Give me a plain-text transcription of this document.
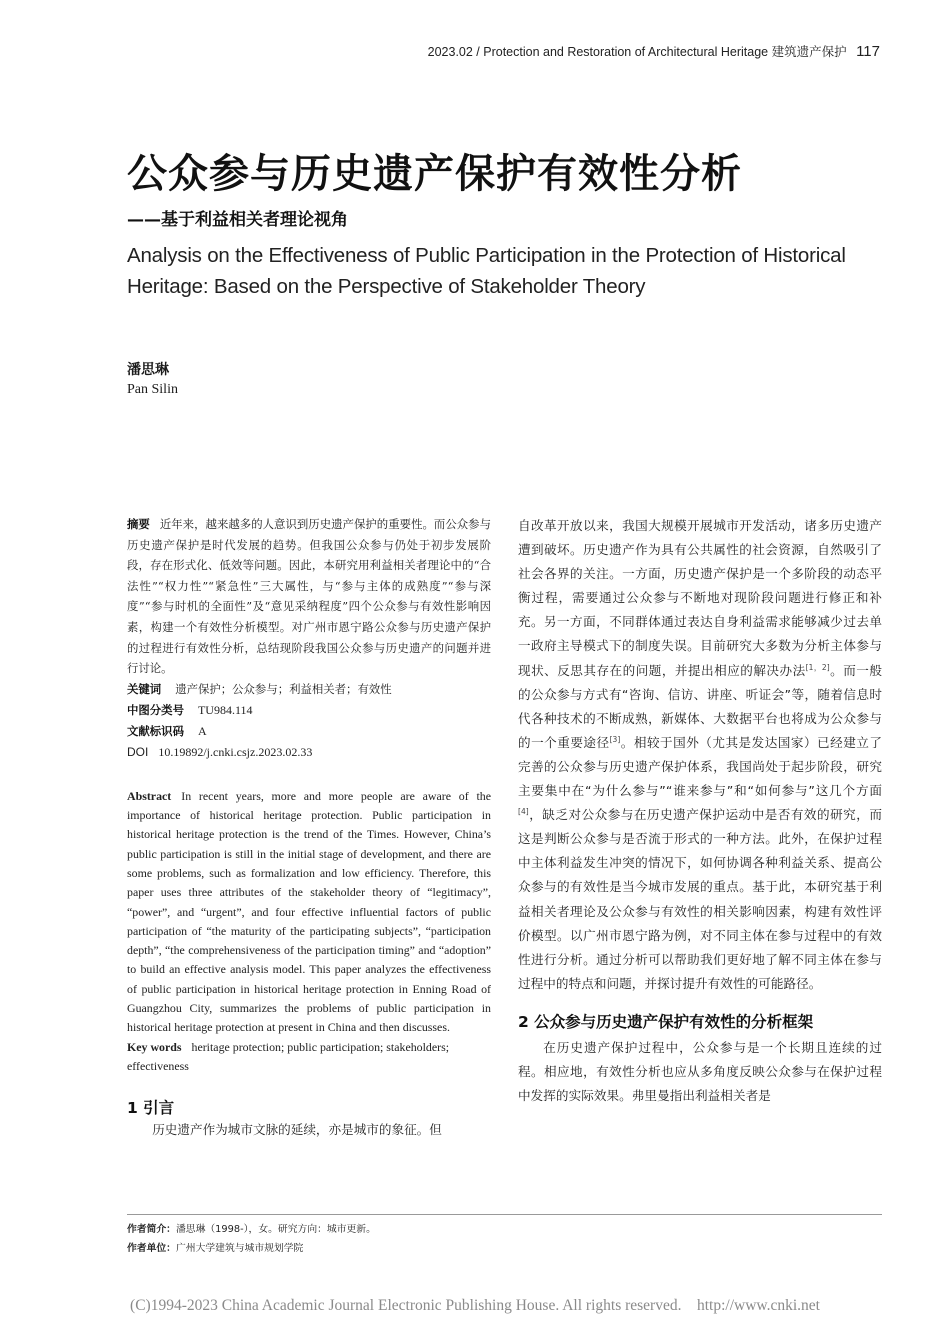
2023.02 / Protection and Restoration of Architectural Heritage 建筑遗产保护 117
公众参与历史遗产保护有效性分析
——基于利益相关者理论视角
Analysis on the Effectiveness of Public Participation in the Protection of Historical Heritage: Based on the Perspective of Stakeholder Theory
潘思琳
Pan Silin
摘要 近年来，越来越多的人意识到历史遗产保护的重要性。而公众参与历史遗产保护是时代发展的趋势。但我国公众参与仍处于初步发展阶段，存在形式化、低效等问题。因此，本研究用利益相关者理论中的“合法性”“权力性”“紧急性”三大属性，与“参与主体的成熟度”“参与深度”“参与时机的全面性”及“意见采纳程度”四个公众参与有效性影响因素，构建一个有效性分析模型。对广州市恩宁路公众参与历史遗产保护的过程进行有效性分析，总结现阶段我国公众参与历史遗产的问题并进行讨论。
关键词 遗产保护；公众参与；利益相关者；有效性
中图分类号 TU984.114
文献标识码 A
DOI 10.19892/j.cnki.csjz.2023.02.33

Abstract In recent years, more and more people are aware of the importance of historical heritage protection. Public participation in historical heritage protection is the trend of the Times. However, China’s public participation is still in the initial stage of development, and there are some problems, such as formalization and low efficiency. Therefore, this paper uses three attributes of the stakeholder theory of “legitimacy”, “power”, and “urgent”, and four effective influential factors of public participation of “the maturity of the participating subjects”, “participation depth”, “the comprehensiveness of the participation timing” and “adoption” to build an effective analysis model. This paper analyzes the effectiveness of public participation in historical heritage protection in Enning Road of Guangzhou City, summarizes the problems of public participation in historical heritage protection at present in China and then discusses.

Key words heritage protection; public participation; stakeholders; effectiveness

1 引言
历史遗产作为城市文脉的延续，亦是城市的象征。但
自改革开放以来，我国大规模开展城市开发活动，诸多历史遗产遭到破坏。历史遗产作为具有公共属性的社会资源，自然吸引了社会各界的关注。一方面，历史遗产保护是一个多阶段的动态平衡过程，需要通过公众参与不断地对现阶段问题进行修正和补充。另一方面，不同群体通过表达自身利益需求能够减少过去单一政府主导模式下的制度失误。目前研究大多数为分析主体参与现状、反思其存在的问题，并提出相应的解决办法[1，2]。而一般的公众参与方式有“咨询、信访、讲座、听证会”等，随着信息时代各种技术的不断成熟，新媒体、大数据平台也将成为公众参与的一个重要途径[3]。相较于国外（尤其是发达国家）已经建立了完善的公众参与历史遗产保护体系，我国尚处于起步阶段，研究主要集中在“为什么参与”“谁来参与”和“如何参与”这几个方面[4]，缺乏对公众参与在历史遗产保护运动中是否有效的研究，而这是判断公众参与是否流于形式的一种方法。此外，在保护过程中主体利益发生冲突的情况下，如何协调各种利益关系、提高公众参与的有效性是当今城市发展的重点。基于此，本研究基于利益相关者理论及公众参与有效性的相关影响因素，构建有效性评价模型。以广州市恩宁路为例，对不同主体在参与过程中的有效性进行分析。通过分析可以帮助我们更好地了解不同主体在参与过程中的特点和问题，并探讨提升有效性的可能路径。
2 公众参与历史遗产保护有效性的分析框架
在历史遗产保护过程中，公众参与是一个长期且连续的过程。相应地，有效性分析也应从多角度反映公众参与在保护过程中发挥的实际效果。弗里曼指出利益相关者是
作者简介：潘思琳（1998-），女。研究方向：城市更新。
作者单位：广州大学建筑与城市规划学院
(C)1994-2023 China Academic Journal Electronic Publishing House. All rights reserved.    http://www.cnki.net
